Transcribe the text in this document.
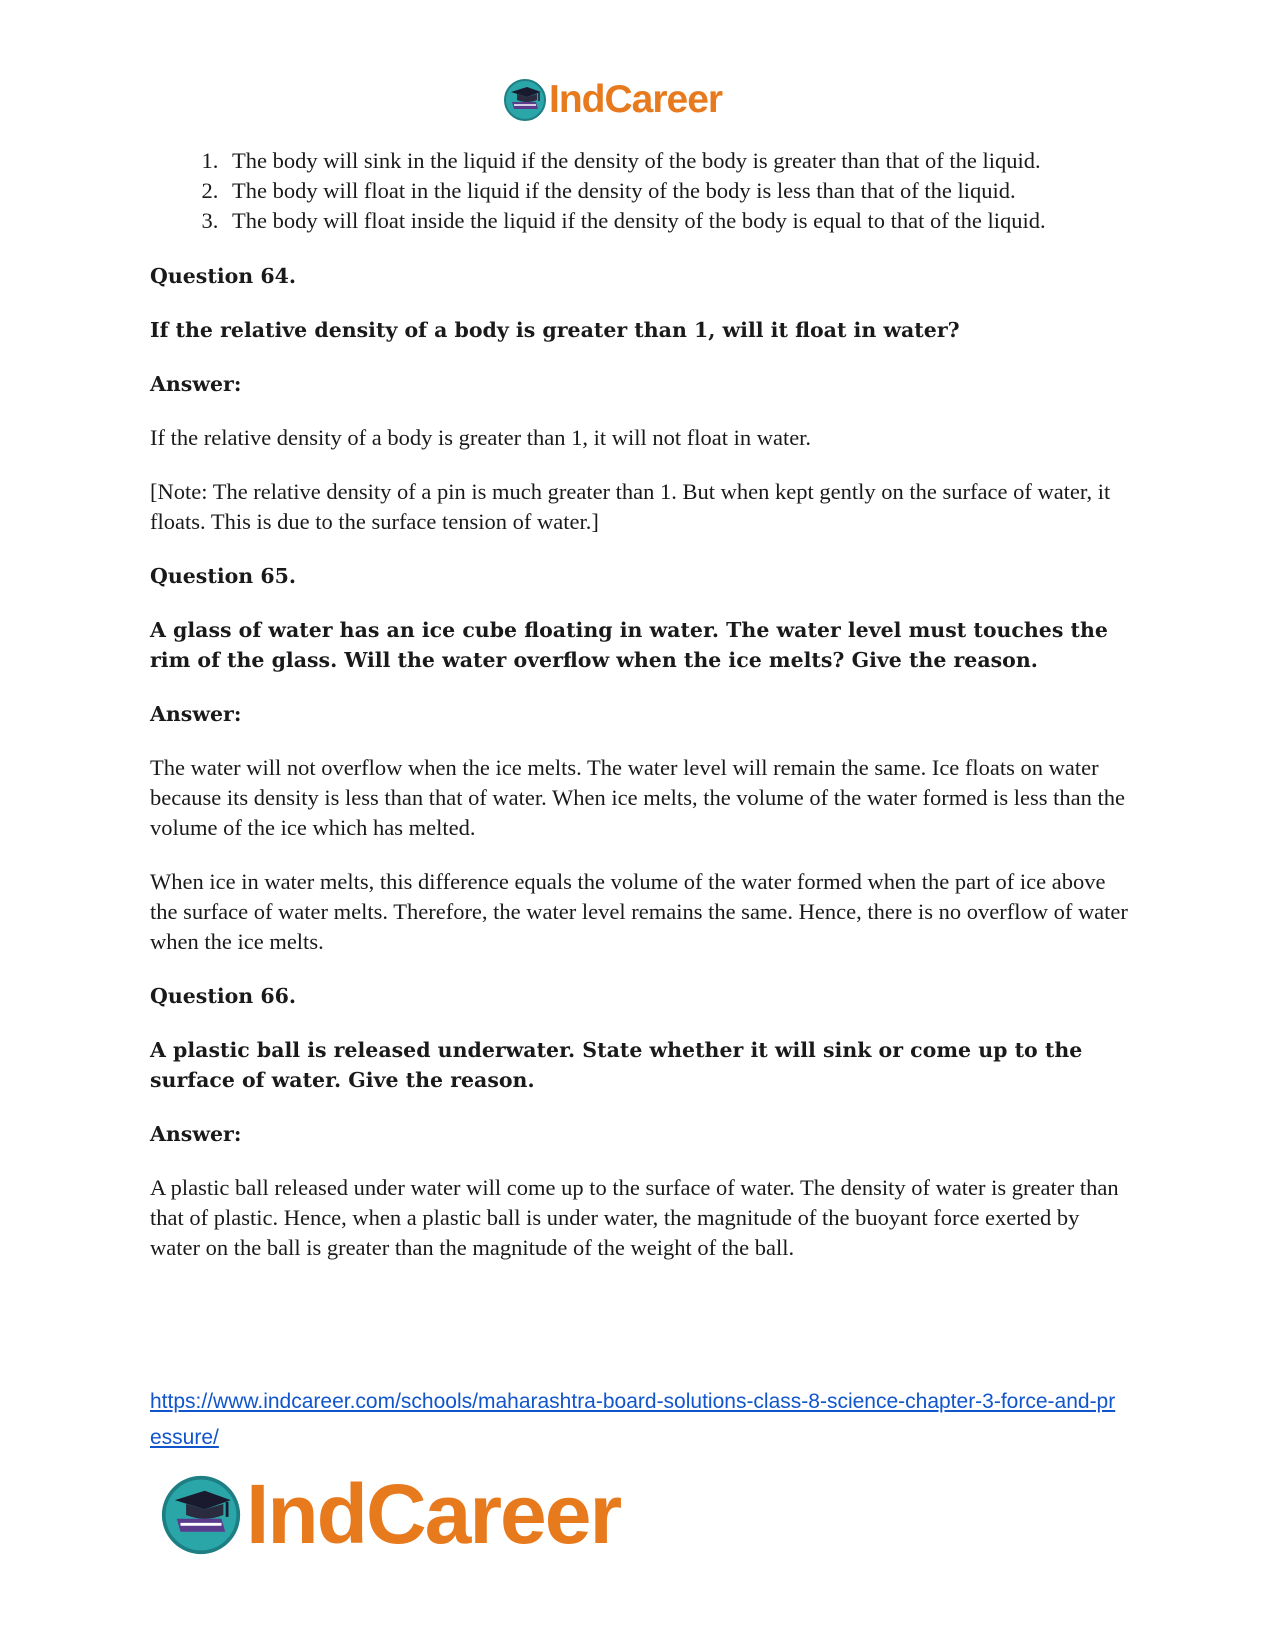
IndCareer
1. The body will sink in the liquid if the density of the body is greater than that of the liquid.
2. The body will float in the liquid if the density of the body is less than that of the liquid.
3. The body will float inside the liquid if the density of the body is equal to that of the liquid.

Question 64.

If the relative density of a body is greater than 1, will it float in water?

Answer:

If the relative density of a body is greater than 1, it will not float in water.

[Note: The relative density of a pin is much greater than 1. But when kept gently on the surface of water, it floats. This is due to the surface tension of water.]

Question 65.

A glass of water has an ice cube floating in water. The water level must touches the rim of the glass. Will the water overflow when the ice melts? Give the reason.

Answer:

The water will not overflow when the ice melts. The water level will remain the same. Ice floats on water because its density is less than that of water. When ice melts, the volume of the water formed is less than the volume of the ice which has melted.

When ice in water melts, this difference equals the volume of the water formed when the part of ice above the surface of water melts. Therefore, the water level remains the same. Hence, there is no overflow of water when the ice melts.

Question 66.

A plastic ball is released underwater. State whether it will sink or come up to the surface of water. Give the reason.

Answer:

A plastic ball released under water will come up to the surface of water. The density of water is greater than that of plastic. Hence, when a plastic ball is under water, the magnitude of the buoyant force exerted by water on the ball is greater than the magnitude of the weight of the ball.

https://www.indcareer.com/schools/maharashtra-board-solutions-class-8-science-chapter-3-force-and-pressure/
IndCareer
